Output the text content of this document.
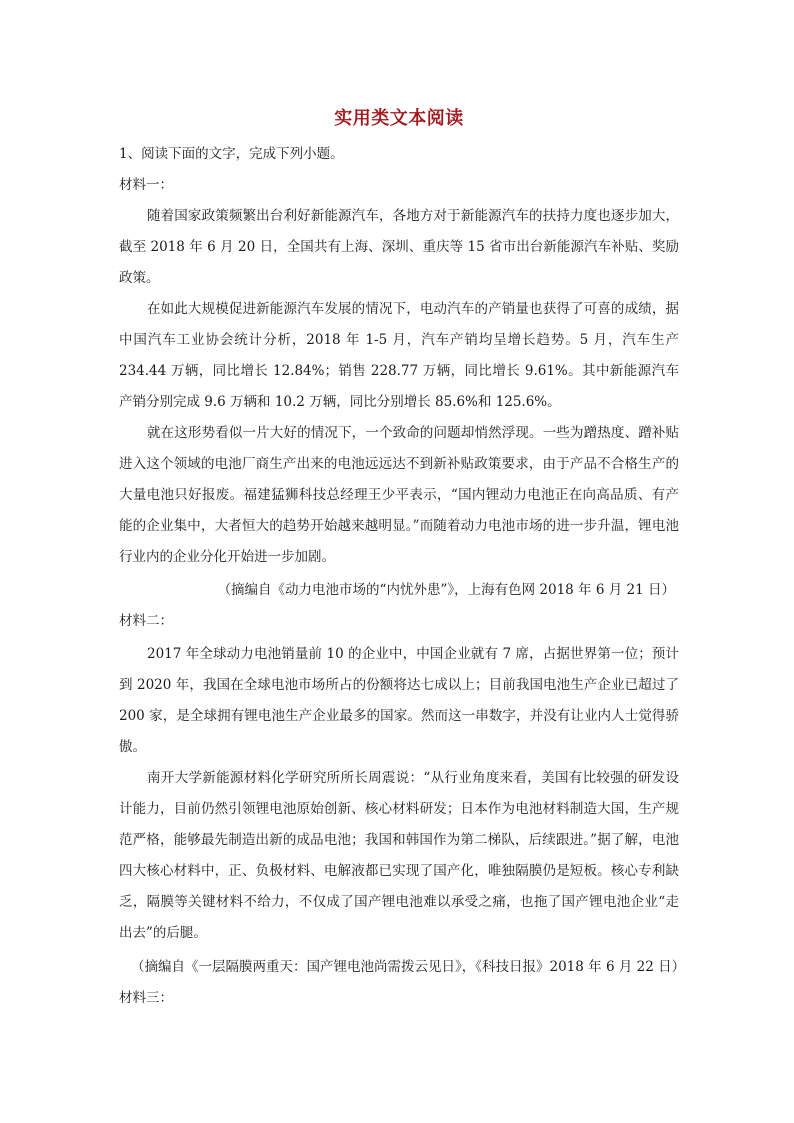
实用类文本阅读
1、阅读下面的文字，完成下列小题。
材料一：

随着国家政策频繁出台利好新能源汽车，各地方对于新能源汽车的扶持力度也逐步加大，截至 2018 年 6 月 20 日，全国共有上海、深圳、重庆等 15 省市出台新能源汽车补贴、奖励政策。

在如此大规模促进新能源汽车发展的情况下，电动汽车的产销量也获得了可喜的成绩，据中国汽车工业协会统计分析，2018 年 1-5 月，汽车产销均呈增长趋势。5 月，汽车生产 234.44 万辆，同比增长 12.84%；销售 228.77 万辆，同比增长 9.61%。其中新能源汽车产销分别完成 9.6 万辆和 10.2 万辆，同比分别增长 85.6%和 125.6%。

就在这形势看似一片大好的情况下，一个致命的问题却悄然浮现。一些为蹭热度、蹭补贴进入这个领域的电池厂商生产出来的电池远远达不到新补贴政策要求，由于产品不合格生产的大量电池只好报废。福建猛狮科技总经理王少平表示，“国内锂动力电池正在向高品质、有产能的企业集中，大者恒大的趋势开始越来越明显。”而随着动力电池市场的进一步升温，锂电池行业内的企业分化开始进一步加剧。

（摘编自《动力电池市场的“内忧外患”》，上海有色网 2018 年 6 月 21 日）
材料二：

2017 年全球动力电池销量前 10 的企业中，中国企业就有 7 席，占据世界第一位；预计到 2020 年，我国在全球电池市场所占的份额将达七成以上；目前我国电池生产企业已超过了 200 家，是全球拥有锂电池生产企业最多的国家。然而这一串数字，并没有让业内人士觉得骄傲。

南开大学新能源材料化学研究所所长周震说：“从行业角度来看，美国有比较强的研发设计能力，目前仍然引领锂电池原始创新、核心材料研发；日本作为电池材料制造大国，生产规范严格，能够最先制造出新的成品电池；我国和韩国作为第二梯队，后续跟进。”据了解，电池四大核心材料中，正、负极材料、电解液都已实现了国产化，唯独隔膜仍是短板。核心专利缺乏，隔膜等关键材料不给力，不仅成了国产锂电池难以承受之痛，也拖了国产锂电池企业“走出去”的后腿。

（摘编自《一层隔膜两重天：国产锂电池尚需拨云见日》，《科技日报》2018 年 6 月 22 日）
材料三：
